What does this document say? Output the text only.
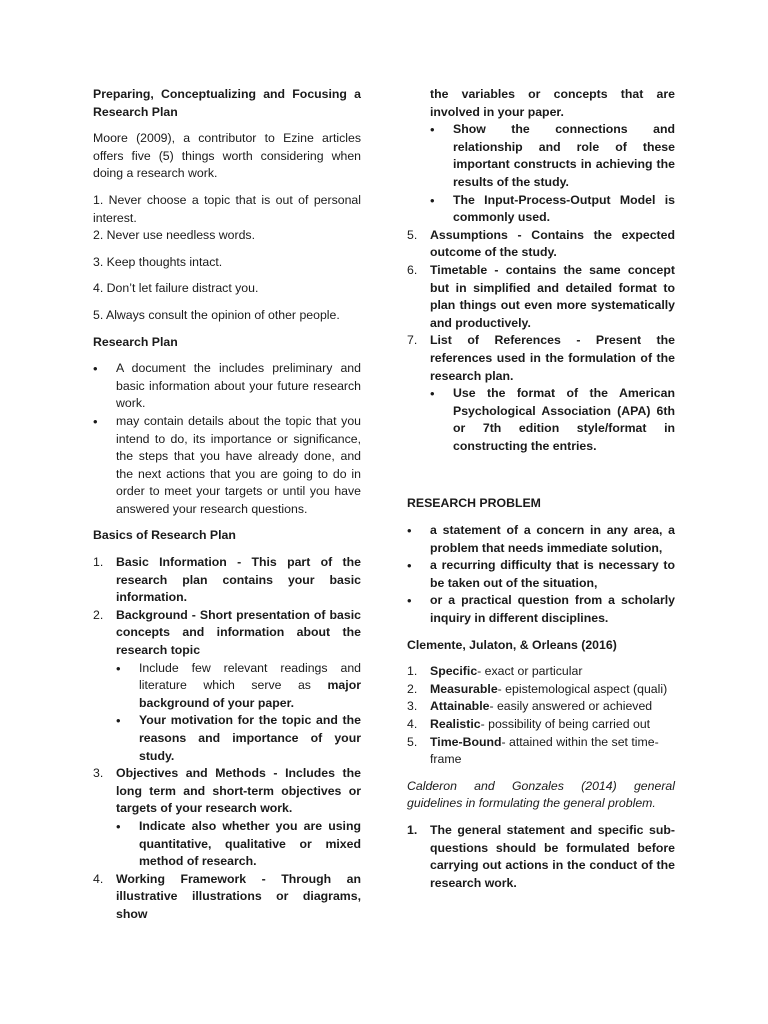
Preparing, Conceptualizing and Focusing a Research Plan

Moore (2009), a contributor to Ezine articles offers five (5) things worth considering when doing a research work.

1. Never choose a topic that is out of personal interest.

2. Never use needless words.

3. Keep thoughts intact.

4. Don’t let failure distract you.

5. Always consult the opinion of other people.

Research Plan

•
A document the includes preliminary and basic information about your future research work.
•
may contain details about the topic that you intend to do, its importance or significance, the steps that you have already done, and the next actions that you are going to do in order to meet your targets or until you have answered your research questions.

Basics of Research Plan

1.	Basic Information - This part of the research plan contains your basic information.
2.	Background - Short presentation of basic concepts and information about the research topic
•
Include few relevant readings and literature which serve as major background of your paper.
•
Your motivation for the topic and the reasons and importance of your study.
3.	Objectives and Methods - Includes the long term and short-term objectives or targets of your research work.
•
Indicate also whether you are using quantitative, qualitative or mixed method of research.
4.	Working Framework - Through an illustrative illustrations or diagrams, show
the variables or concepts that are involved in your paper.
•
Show the connections and relationship and role of these important constructs in achieving the results of the study.
•
The Input-Process-Output Model is commonly used.
5.	Assumptions - Contains the expected outcome of the study.
6.	Timetable - contains the same concept but in simplified and detailed format to plan things out even more systematically and productively.
7.	List of References - Present the references used in the formulation of the research plan.
•
Use the format of the American Psychological Association (APA) 6th or 7th edition style/format in constructing the entries.

RESEARCH PROBLEM

•
a statement of a concern in any area, a problem that needs immediate solution,
•
a recurring difficulty that is necessary to be taken out of the situation,
•
or a practical question from a scholarly inquiry in different disciplines.

Clemente, Julaton, & Orleans (2016)

1.	Specific- exact or particular
2.	Measurable- epistemological aspect (quali)
3.	Attainable- easily answered or achieved
4.	Realistic- possibility of being carried out
5.	Time-Bound- attained within the set time-frame

Calderon and Gonzales (2014) general guidelines in formulating the general problem.

1.	The general statement and specific sub-questions should be formulated before carrying out actions in the conduct of the research work.
